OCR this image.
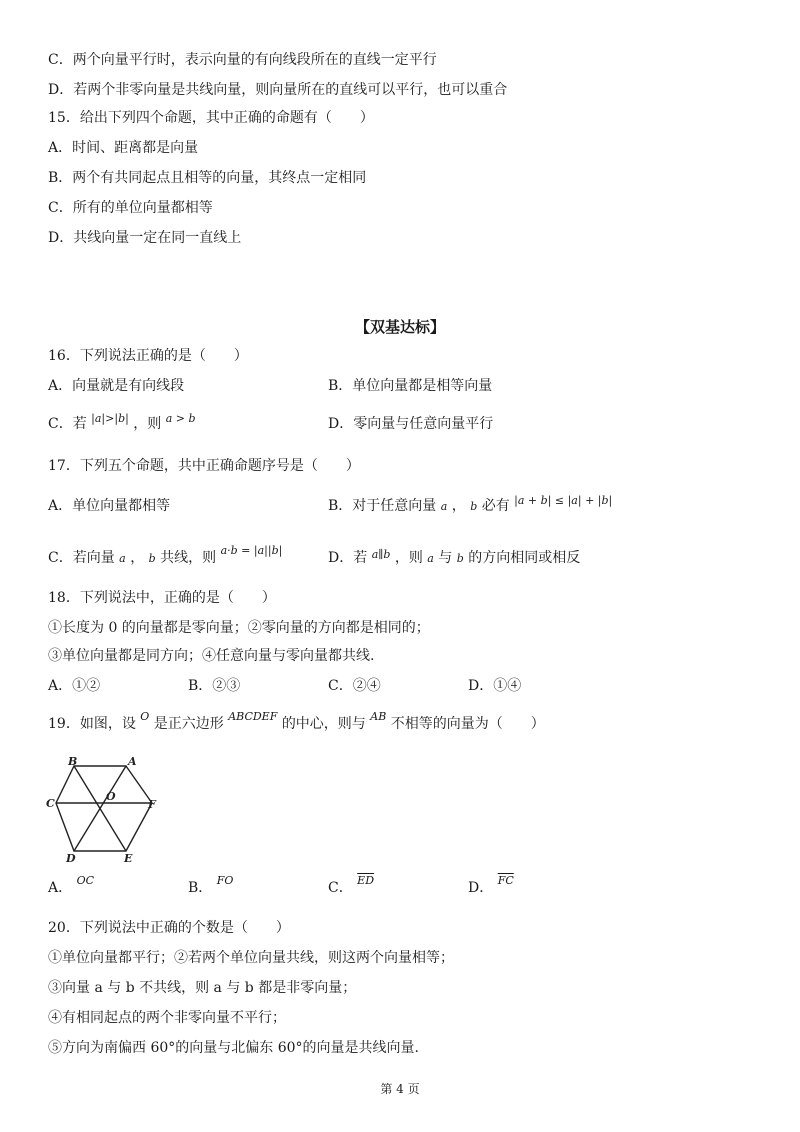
C．两个向量平行时，表示向量的有向线段所在的直线一定平行
D．若两个非零向量是共线向量，则向量所在的直线可以平行，也可以重合
15．给出下列四个命题，其中正确的命题有（　　）
A．时间、距离都是向量
B．两个有共同起点且相等的向量，其终点一定相同
C．所有的单位向量都相等
D．共线向量一定在同一直线上
【双基达标】
16．下列说法正确的是（　　）
A．向量就是有向线段	B．单位向量都是相等向量
C．若 $^{|a|>|b|}$ ，则 $^{a > b}$	D．零向量与任意向量平行
17．下列五个命题，共中正确命题序号是（　　）
A．单位向量都相等	B．对于任意向量 a ， b 必有 $^{|a + b| \le |a| + |b|}$
C．若向量 a ， b 共线，则 $^{a\cdot b = |a||b|}$	D．若 $^{a\parallel b}$ ，则 a 与 b 的方向相同或相反
18．下列说法中，正确的是（　　）
①长度为 0 的向量都是零向量；②零向量的方向都是相同的；
③单位向量都是同方向；④任意向量与零向量都共线.
A．①②	B．②③	C．②④	D．①④
19．如图，设 $^O$ 是正六边形 $^{ABCDEF}$ 的中心，则与 $^{AB}$ 不相等的向量为（　　）
B	A
C
O
F
D	E
A． $^{OC}$	B． $^{FO}$	C． $^{\overline{ED}}$	D． $^{\overline{FC}}$
20．下列说法中正确的个数是（　　）
①单位向量都平行；②若两个单位向量共线，则这两个向量相等；
③向量 a 与 b 不共线，则 a 与 b 都是非零向量；
④有相同起点的两个非零向量不平行；
⑤方向为南偏西 60°的向量与北偏东 60°的向量是共线向量.
第 4 页
